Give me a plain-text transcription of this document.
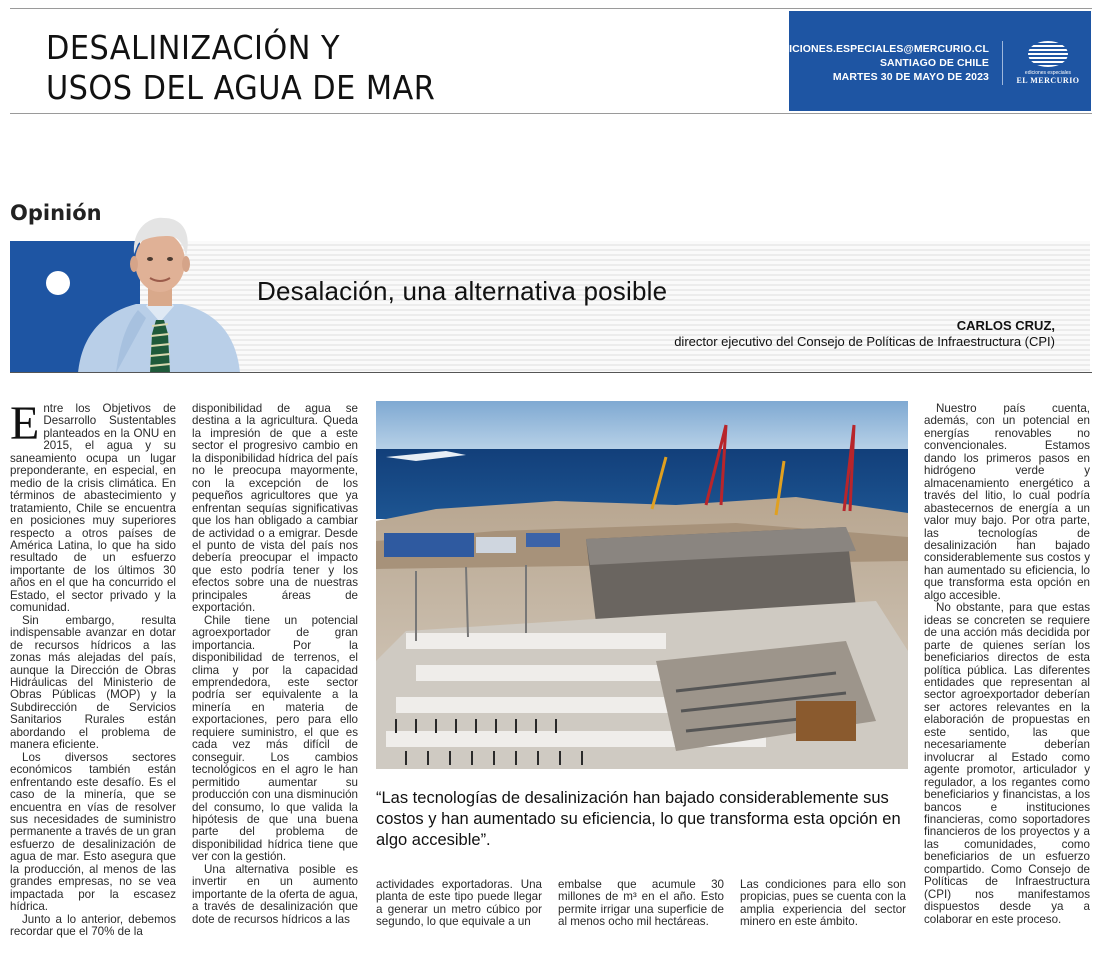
DESALINIZACIÓN Y
USOS DEL AGUA DE MAR
EDICIONES.ESPECIALES@MERCURIO.CL
SANTIAGO DE CHILE
MARTES 30 DE MAYO DE 2023	ediciones especiales
EL MERCURIO
Opinión
Desalación, una alternativa posible
CARLOS CRUZ,
director ejecutivo del Consejo de Políticas de Infraestructura (CPI)

Entre los Objetivos de Desarrollo Sustentables planteados en la ONU en 2015, el agua y su saneamiento ocupa un lugar preponderante, en especial, en medio de la crisis climática. En términos de abastecimiento y tratamiento, Chile se encuentra en posiciones muy superiores respecto a otros países de América Latina, lo que ha sido resultado de un esfuerzo importante de los últimos 30 años en el que ha concurrido el Estado, el sector privado y la comunidad.

Sin embargo, resulta indispensable avanzar en dotar de recursos hídricos a las zonas más alejadas del país, aunque la Dirección de Obras Hidráulicas del Ministerio de Obras Públicas (MOP) y la Subdirección de Servicios Sanitarios Rurales están abordando el problema de manera eficiente.

Los diversos sectores económicos también están enfrentando este desafío. Es el caso de la minería, que se encuentra en vías de resolver sus necesidades de suministro permanente a través de un gran esfuerzo de desalinización de agua de mar. Esto asegura que la producción, al menos de las grandes empresas, no se vea impactada por la escasez hídrica.

Junto a lo anterior, debemos recordar que el 70% de la

disponibilidad de agua se destina a la agricultura. Queda la impresión de que a este sector el progresivo cambio en la disponibilidad hídrica del país no le preocupa mayormente, con la excepción de los pequeños agricultores que ya enfrentan sequías significativas que los han obligado a cambiar de actividad o a emigrar. Desde el punto de vista del país nos debería preocupar el impacto que esto podría tener y los efectos sobre una de nuestras principales áreas de exportación.

Chile tiene un potencial agroexportador de gran importancia. Por la disponibilidad de terrenos, el clima y por la capacidad emprendedora, este sector podría ser equivalente a la minería en materia de exportaciones, pero para ello requiere suministro, el que es cada vez más difícil de conseguir. Los cambios tecnológicos en el agro le han permitido aumentar su producción con una disminución del consumo, lo que valida la hipótesis de que una buena parte del problema de disponibilidad hídrica tiene que ver con la gestión.

Una alternativa posible es invertir en un aumento importante de la oferta de agua, a través de desalinización que dote de recursos hídricos a las

“Las tecnologías de desalinización han bajado considerablemente sus costos y han aumentado su eficiencia, lo que transforma esta opción en algo accesible”.

actividades exportadoras. Una planta de este tipo puede llegar a generar un metro cúbico por segundo, lo que equivale a un

embalse que acumule 30 millones de m³ en el año. Esto permite irrigar una superficie de al menos ocho mil hectáreas.

Las condiciones para ello son propicias, pues se cuenta con la amplia experiencia del sector minero en este ámbito.

Nuestro país cuenta, además, con un potencial en energías renovables no convencionales. Estamos dando los primeros pasos en hidrógeno verde y almacenamiento energético a través del litio, lo cual podría abastecernos de energía a un valor muy bajo. Por otra parte, las tecnologías de desalinización han bajado considerablemente sus costos y han aumentado su eficiencia, lo que transforma esta opción en algo accesible.

No obstante, para que estas ideas se concreten se requiere de una acción más decidida por parte de quienes serían los beneficiarios directos de esta política pública. Las diferentes entidades que representan al sector agroexportador deberían ser actores relevantes en la elaboración de propuestas en este sentido, las que necesariamente deberían involucrar al Estado como agente promotor, articulador y regulador, a los regantes como beneficiarios y financistas, a los bancos e instituciones financieras, como soportadores financieros de los proyectos y a las comunidades, como beneficiarios de un esfuerzo compartido. Como Consejo de Políticas de Infraestructura (CPI) nos manifestamos dispuestos desde ya a colaborar en este proceso.
